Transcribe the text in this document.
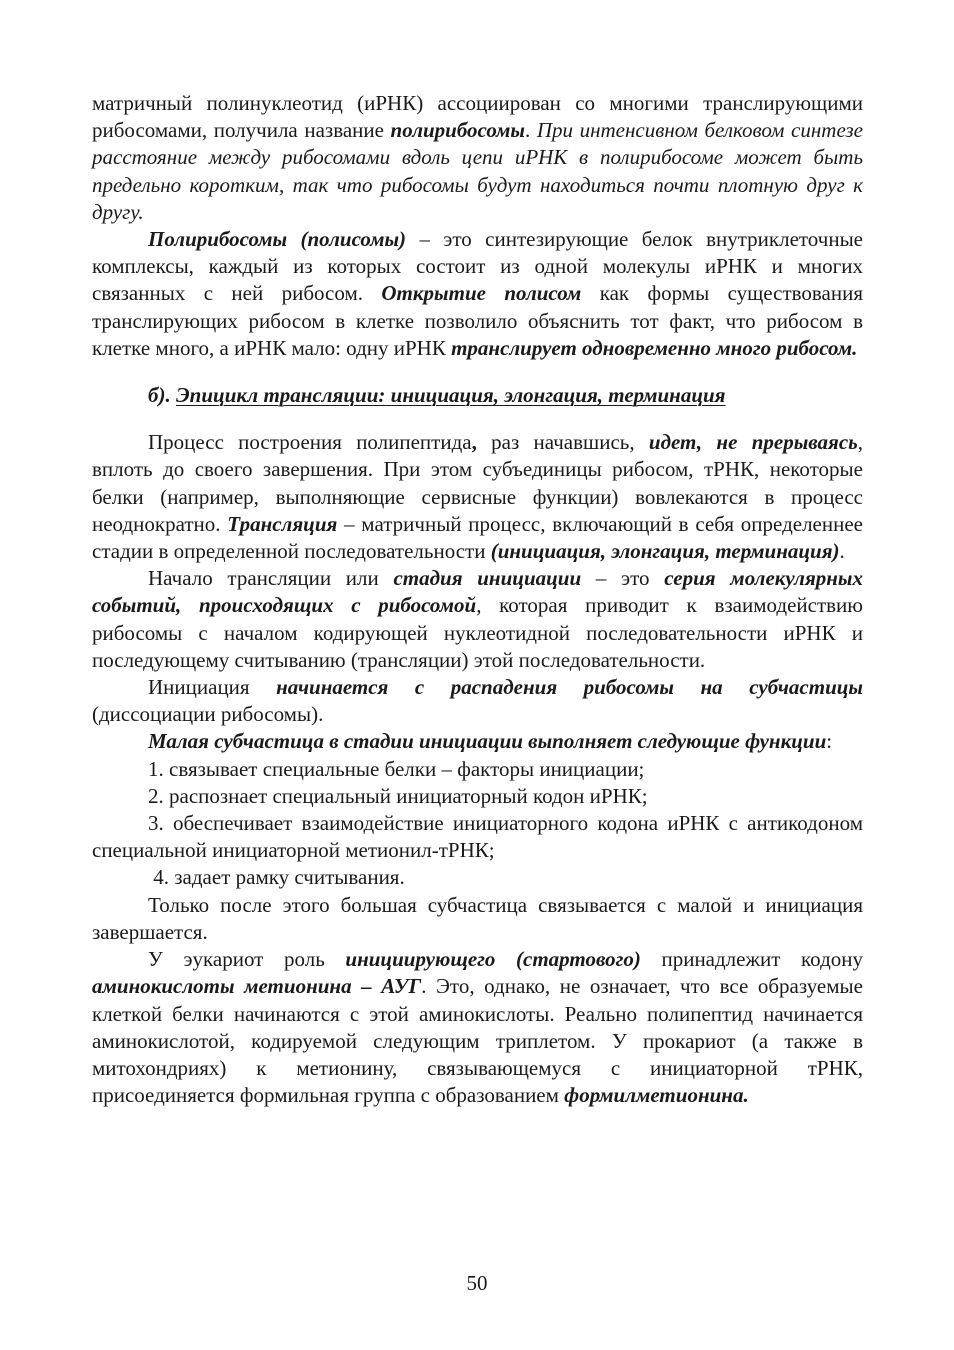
матричный полинуклеотид (иРНК) ассоциирован со многими транслирующими рибосомами, получила название полирибосомы. При интенсивном белковом синтезе расстояние между рибосомами вдоль цепи иРНК в полирибосоме может быть предельно коротким, так что рибосомы будут находиться почти плотную друг к другу.

Полирибосомы (полисомы) – это синтезирующие белок внутриклеточные комплексы, каждый из которых состоит из одной молекулы иРНК и многих связанных с ней рибосом. Открытие полисом как формы существования транслирующих рибосом в клетке позволило объяснить тот факт, что рибосом в клетке много, а иРНК мало: одну иРНК транслирует одновременно много рибосом.

б). Эпицикл трансляции: инициация, элонгация, терминация

Процесс построения полипептида, раз начавшись, идет, не прерываясь, вплоть до своего завершения. При этом субъединицы рибосом, тРНК, некоторые белки (например, выполняющие сервисные функции) вовлекаются в процесс неоднократно. Трансляция – матричный процесс, включающий в себя определеннее стадии в определенной последовательности (инициация, элонгация, терминация).

Начало трансляции или стадия инициации – это серия молекулярных событий, происходящих с рибосомой, которая приводит к взаимодействию рибосомы с началом кодирующей нуклеотидной последовательности иРНК и последующему считыванию (трансляции) этой последовательности.

Инициация начинается с распадения рибосомы на субчастицы (диссоциации рибосомы).

Малая субчастица в стадии инициации выполняет следующие функции:

1. связывает специальные белки – факторы инициации;

2. распознает специальный инициаторный кодон иРНК;

3. обеспечивает взаимодействие инициаторного кодона иРНК с антикодоном специальной инициаторной метионил-тРНК;

4. задает рамку считывания.

Только после этого большая субчастица связывается с малой и инициация завершается.

У эукариот роль инициирующего (стартового) принадлежит кодону аминокислоты метионина – АУГ. Это, однако, не означает, что все образуемые клеткой белки начинаются с этой аминокислоты. Реально полипептид начинается аминокислотой, кодируемой следующим триплетом. У прокариот (а также в митохондриях) к метионину, связывающемуся с инициаторной тРНК, присоединяется формильная группа с образованием формилметионина.

50
